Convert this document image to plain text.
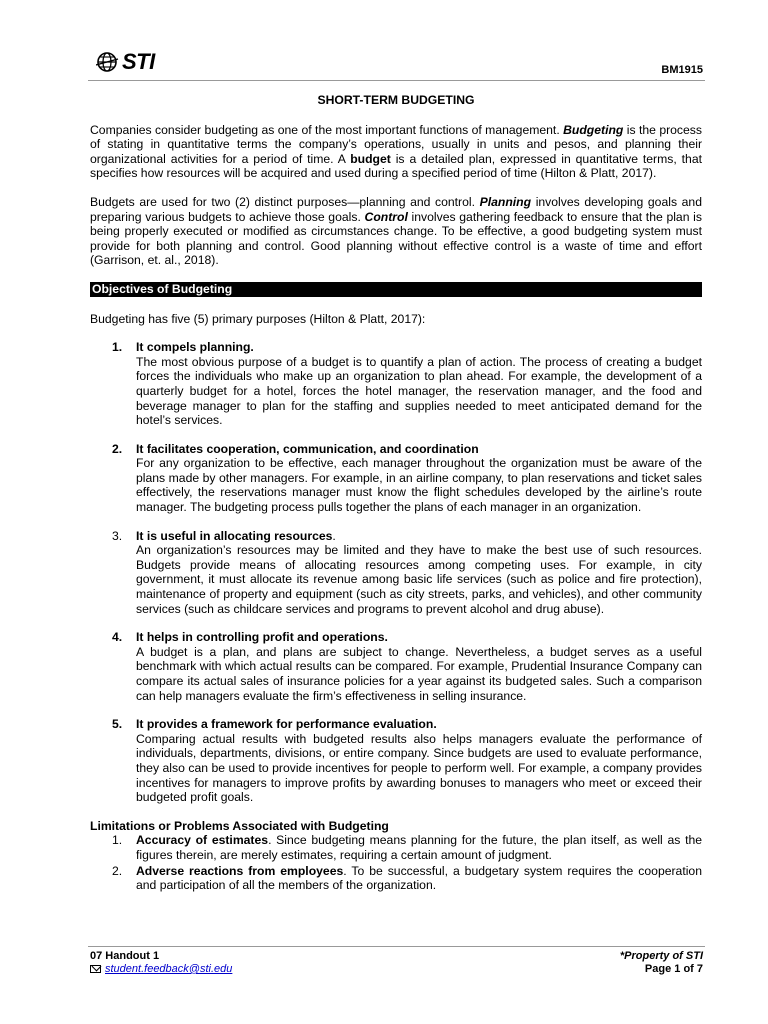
STI	BM1915
SHORT-TERM BUDGETING

Companies consider budgeting as one of the most important functions of management. Budgeting is the process of stating in quantitative terms the company’s operations, usually in units and pesos, and planning their organizational activities for a period of time. A budget is a detailed plan, expressed in quantitative terms, that specifies how resources will be acquired and used during a specified period of time (Hilton & Platt, 2017).

Budgets are used for two (2) distinct purposes—planning and control. Planning involves developing goals and preparing various budgets to achieve those goals. Control involves gathering feedback to ensure that the plan is being properly executed or modified as circumstances change. To be effective, a good budgeting system must provide for both planning and control. Good planning without effective control is a waste of time and effort (Garrison, et. al., 2018).

Objectives of Budgeting

Budgeting has five (5) primary purposes (Hilton & Platt, 2017):

1. It compels planning.
The most obvious purpose of a budget is to quantify a plan of action. The process of creating a budget forces the individuals who make up an organization to plan ahead. For example, the development of a quarterly budget for a hotel, forces the hotel manager, the reservation manager, and the food and beverage manager to plan for the staffing and supplies needed to meet anticipated demand for the hotel’s services.
2. It facilitates cooperation, communication, and coordination
For any organization to be effective, each manager throughout the organization must be aware of the plans made by other managers. For example, in an airline company, to plan reservations and ticket sales effectively, the reservations manager must know the flight schedules developed by the airline’s route manager. The budgeting process pulls together the plans of each manager in an organization.
3. It is useful in allocating resources.
An organization’s resources may be limited and they have to make the best use of such resources. Budgets provide means of allocating resources among competing uses. For example, in city government, it must allocate its revenue among basic life services (such as police and fire protection), maintenance of property and equipment (such as city streets, parks, and vehicles), and other community services (such as childcare services and programs to prevent alcohol and drug abuse).
4. It helps in controlling profit and operations.
A budget is a plan, and plans are subject to change. Nevertheless, a budget serves as a useful benchmark with which actual results can be compared. For example, Prudential Insurance Company can compare its actual sales of insurance policies for a year against its budgeted sales. Such a comparison can help managers evaluate the firm’s effectiveness in selling insurance.
5. It provides a framework for performance evaluation.
Comparing actual results with budgeted results also helps managers evaluate the performance of individuals, departments, divisions, or entire company. Since budgets are used to evaluate performance, they also can be used to provide incentives for people to perform well. For example, a company provides incentives for managers to improve profits by awarding bonuses to managers who meet or exceed their budgeted profit goals.
Limitations or Problems Associated with Budgeting
1. Accuracy of estimates. Since budgeting means planning for the future, the plan itself, as well as the figures therein, are merely estimates, requiring a certain amount of judgment.
2. Adverse reactions from employees. To be successful, a budgetary system requires the cooperation and participation of all the members of the organization.
07 Handout 1
student.feedback@sti.edu
*Property of STI
Page 1 of 7
